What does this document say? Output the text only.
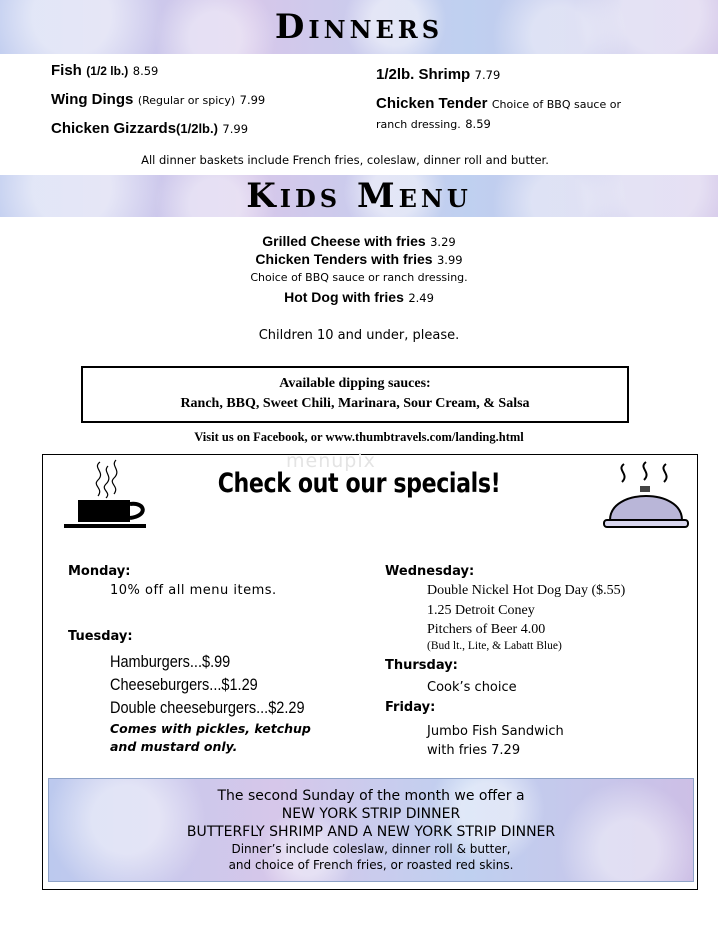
Dinners
Fish (1/2 lb.) 8.59
Wing Dings (Regular or spicy) 7.99
Chicken Gizzards(1/2lb.) 7.99
1/2lb. Shrimp 7.79
Chicken Tender Choice of BBQ sauce or
ranch dressing. 8.59
All dinner baskets include French fries, coleslaw, dinner roll and butter.
Kids Menu
Grilled Cheese with fries 3.29
Chicken Tenders with fries 3.99
Choice of BBQ sauce or ranch dressing.
Hot Dog with fries 2.49
Children 10 and under, please.
Available dipping sauces:
Ranch, BBQ, Sweet Chili, Marinara, Sour Cream, & Salsa
Visit us on Facebook, or www.thumbtravels.com/landing.html
menupix
Check out our specials!
Monday:
10% off all menu items.
Tuesday:
Hamburgers...$.99
Cheeseburgers...$1.29
Double cheeseburgers...$2.29
Comes with pickles, ketchup
and mustard only.
Wednesday:
Double Nickel Hot Dog Day ($.55)
1.25 Detroit Coney
Pitchers of Beer 4.00
(Bud lt., Lite, & Labatt Blue)
Thursday:
Cook’s choice
Friday:
Jumbo Fish Sandwich
with fries 7.29
The second Sunday of the month we offer a
NEW YORK STRIP DINNER
BUTTERFLY SHRIMP AND A NEW YORK STRIP DINNER
Dinner’s include coleslaw, dinner roll & butter,
and choice of French fries, or roasted red skins.
